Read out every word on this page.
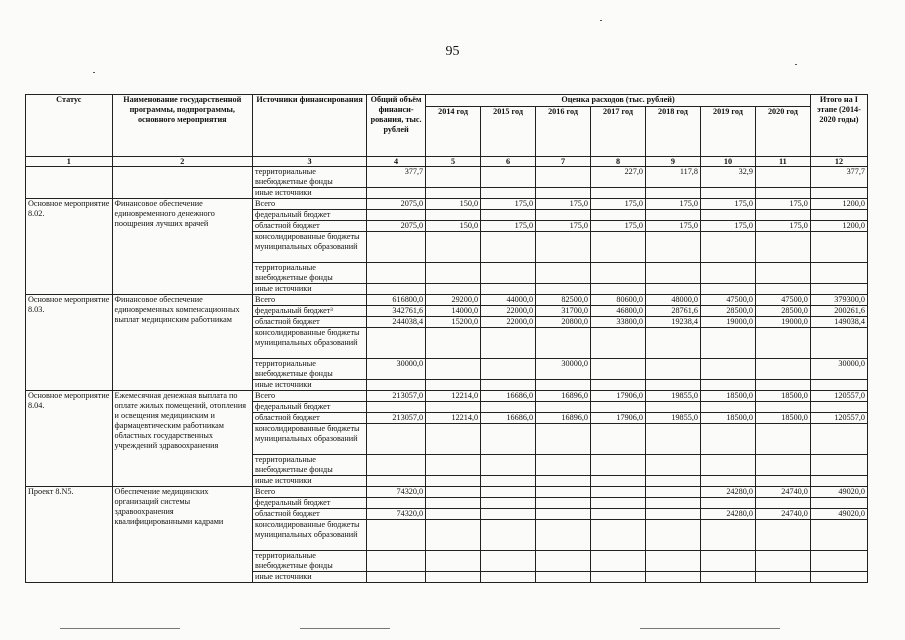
95
Статус	Наименование государственной программы, подпрограммы, основного мероприятия	Источники финансирования	Общий объём финанси-рования, тыс. рублей	Оценка расходов (тыс. рублей)							Итого на I этапе (2014-2020 годы)
				2014 год	2015 год	2016 год	2017 год	2018 год	2019 год	2020 год	
1	2	3	4	5	6	7	8	9	10	11	12
		территориальные внебюджетные фонды	377,7				227,0	117,8	32,9		377,7
		иные источники									
Основное мероприятие 8.02.	Финансовое обеспечение единовременного денежного поощрения лучших врачей	Всего	2075,0	150,0	175,0	175,0	175,0	175,0	175,0	175,0	1200,0
		федеральный бюджет									
		областной бюджет	2075,0	150,0	175,0	175,0	175,0	175,0	175,0	175,0	1200,0
		консолидированные бюджеты муниципальных образований									
		территориальные внебюджетные фонды									
		иные источники									
Основное мероприятие 8.03.	Финансовое обеспечение единовременных компенсационных выплат медицинским работникам	Всего	616800,0	29200,0	44000,0	82500,0	80600,0	48000,0	47500,0	47500,0	379300,0
		федеральный бюджет³	342761,6	14000,0	22000,0	31700,0	46800,0	28761,6	28500,0	28500,0	200261,6
		областной бюджет	244038,4	15200,0	22000,0	20800,0	33800,0	19238,4	19000,0	19000,0	149038,4
		консолидированные бюджеты муниципальных образований									
		территориальные внебюджетные фонды	30000,0			30000,0					30000,0
		иные источники									
Основное мероприятие 8.04.	Ежемесячная денежная выплата по оплате жилых помещений, отопления и освещения медицинским и фармацевтическим работникам областных государственных учреждений здравоохранения	Всего	213057,0	12214,0	16686,0	16896,0	17906,0	19855,0	18500,0	18500,0	120557,0
		федеральный бюджет									
		областной бюджет	213057,0	12214,0	16686,0	16896,0	17906,0	19855,0	18500,0	18500,0	120557,0
		консолидированные бюджеты муниципальных образований									
		территориальные внебюджетные фонды									
		иные источники									
Проект 8.N5.	Обеспечение медицинских организаций системы здравоохранения квалифицированными кадрами	Всего	74320,0						24280,0	24740,0	49020,0
		федеральный бюджет									
		областной бюджет	74320,0						24280,0	24740,0	49020,0
		консолидированные бюджеты муниципальных образований									
		территориальные внебюджетные фонды									
		иные источники									
